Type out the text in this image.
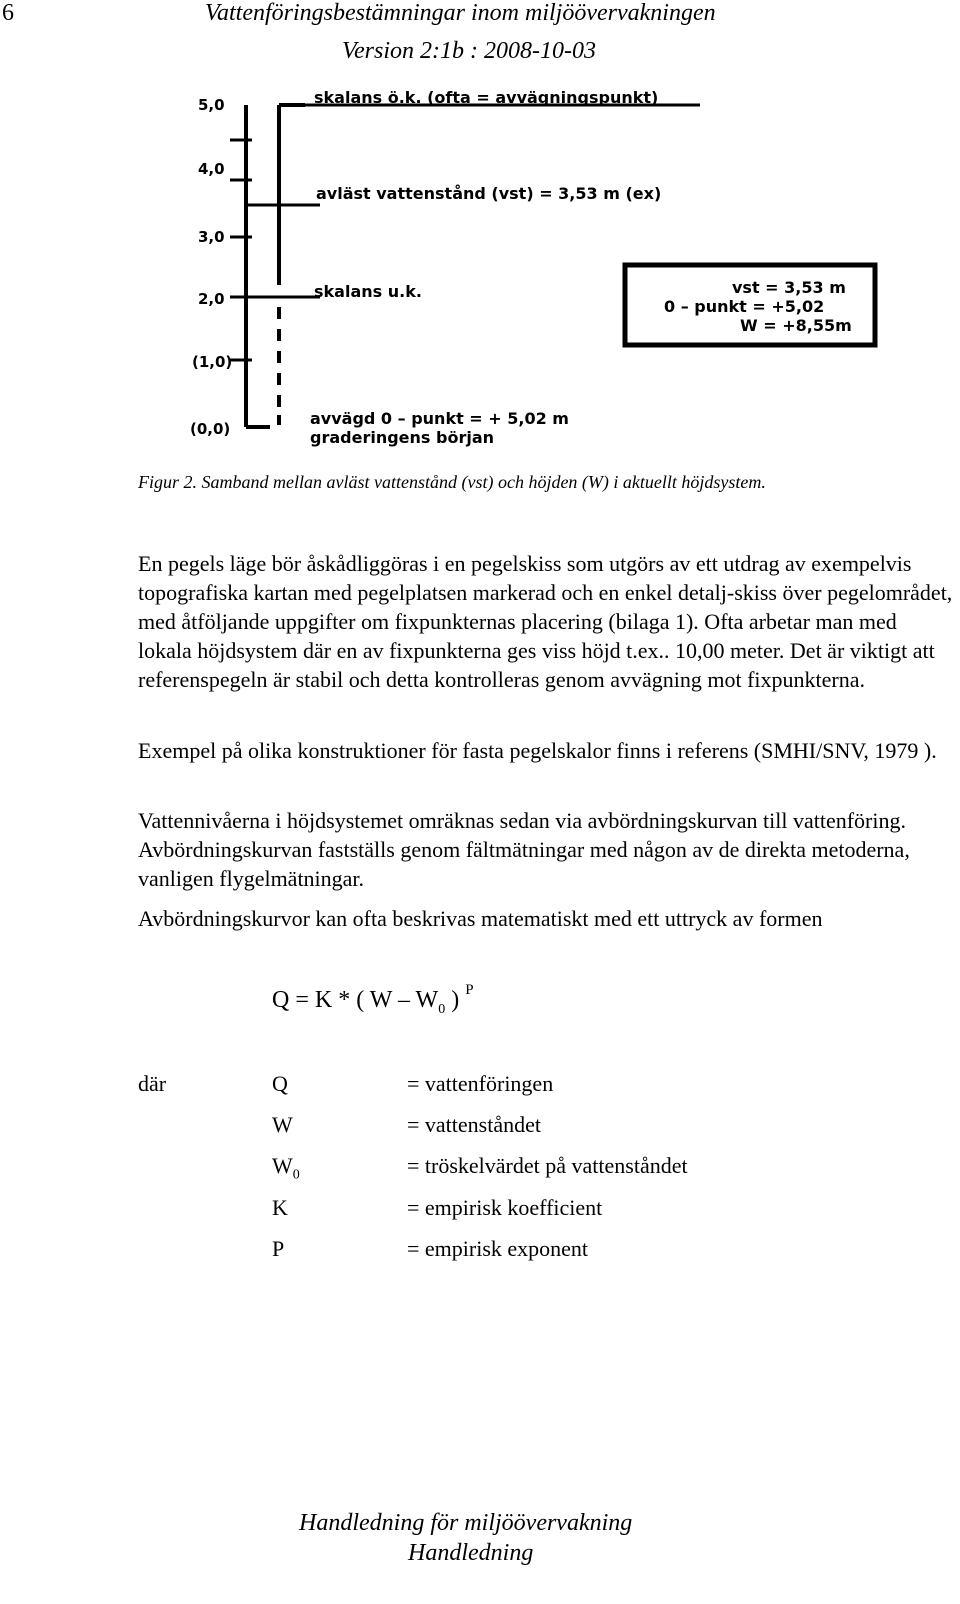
6	Vattenföringsbestämningar inom miljöövervakningen
Version 2:1b : 2008-10-03
5,0
4,0
3,0
2,0
(1,0)
(0,0)
skalans ö.k. (ofta = avvägningspunkt)
avläst vattenstånd (vst) = 3,53 m (ex)
skalans u.k.
avvägd 0 – punkt = + 5,02 m
graderingens början
vst = 3,53 m
0 – punkt = +5,02
W = +8,55m
Figur 2. Samband mellan avläst vattenstånd (vst) och höjden (W) i aktuellt höjdsystem.

En pegels läge bör åskådliggöras i en pegelskiss som utgörs av ett utdrag av exempelvis topografiska kartan med pegelplatsen markerad och en enkel detalj-skiss över pegelområdet, med åtföljande uppgifter om fixpunkternas placering (bilaga 1). Ofta arbetar man med lokala höjdsystem där en av fixpunkterna ges viss höjd t.ex.. 10,00 meter. Det är viktigt att referenspegeln är stabil och detta kontrolleras genom avvägning mot fixpunkterna.

Exempel på olika konstruktioner för fasta pegelskalor finns i referens (SMHI/SNV, 1979 ).

Vattennivåerna i höjdsystemet omräknas sedan via avbördningskurvan till vattenföring. Avbördningskurvan fastställs genom fältmätningar med någon av de direkta metoderna, vanligen flygelmätningar.

Avbördningskurvor kan ofta beskrivas matematiskt med ett uttryck av formen

Q = K * ( W – $W_0$ ) $^P$
där	Q	= vattenföringen
W	= vattenståndet
$W_0$	= tröskelvärdet på vattenståndet
K	= empirisk koefficient
P	= empirisk exponent
Handledning för miljöövervakning
Handledning
